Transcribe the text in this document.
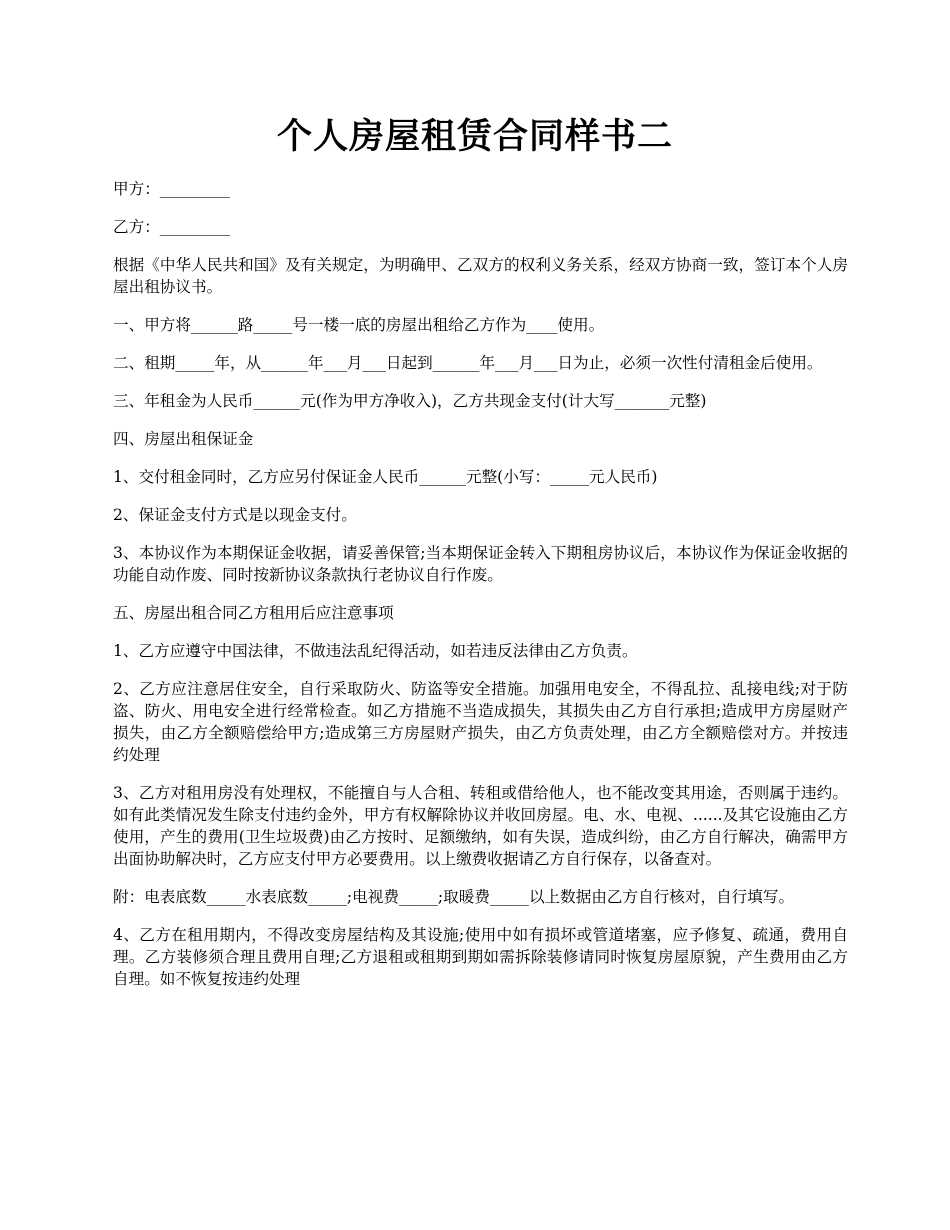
个人房屋租赁合同样书二

甲方：_________

乙方：_________

根据《中华人民共和国》及有关规定，为明确甲、乙双方的权利义务关系，经双方协商一致，签订本个人房屋出租协议书。

一、甲方将______路_____号一楼一底的房屋出租给乙方作为____使用。

二、租期_____年，从______年___月___日起到______年___月___日为止，必须一次性付清租金后使用。

三、年租金为人民币______元(作为甲方净收入)，乙方共现金支付(计大写_______元整)

四、房屋出租保证金

1、交付租金同时，乙方应另付保证金人民币______元整(小写：_____元人民币)

2、保证金支付方式是以现金支付。

3、本协议作为本期保证金收据，请妥善保管;当本期保证金转入下期租房协议后，本协议作为保证金收据的功能自动作废、同时按新协议条款执行老协议自行作废。

五、房屋出租合同乙方租用后应注意事项

1、乙方应遵守中国法律，不做违法乱纪得活动，如若违反法律由乙方负责。

2、乙方应注意居住安全，自行采取防火、防盗等安全措施。加强用电安全，不得乱拉、乱接电线;对于防盗、防火、用电安全进行经常检查。如乙方措施不当造成损失，其损失由乙方自行承担;造成甲方房屋财产损失，由乙方全额赔偿给甲方;造成第三方房屋财产损失，由乙方负责处理，由乙方全额赔偿对方。并按违约处理

3、乙方对租用房没有处理权，不能擅自与人合租、转租或借给他人，也不能改变其用途，否则属于违约。如有此类情况发生除支付违约金外，甲方有权解除协议并收回房屋。电、水、电视、......及其它设施由乙方使用，产生的费用(卫生垃圾费)由乙方按时、足额缴纳，如有失误，造成纠纷，由乙方自行解决，确需甲方出面协助解决时，乙方应支付甲方必要费用。以上缴费收据请乙方自行保存，以备查对。

附：电表底数_____水表底数_____;电视费_____;取暖费_____以上数据由乙方自行核对，自行填写。

4、乙方在租用期内，不得改变房屋结构及其设施;使用中如有损坏或管道堵塞，应予修复、疏通，费用自理。乙方装修须合理且费用自理;乙方退租或租期到期如需拆除装修请同时恢复房屋原貌，产生费用由乙方自理。如不恢复按违约处理
